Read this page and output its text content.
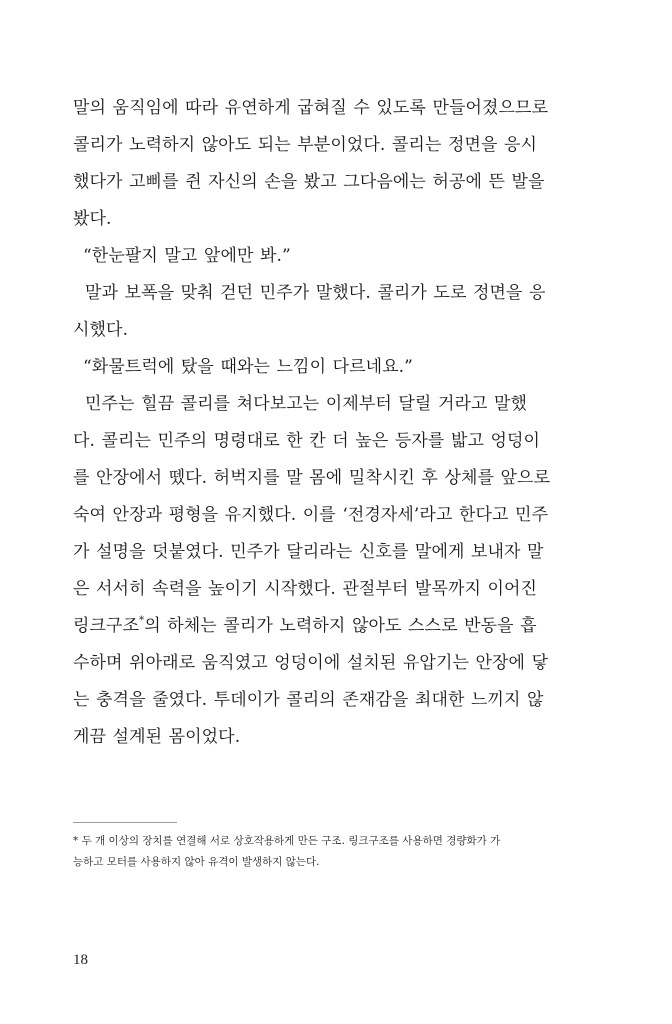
말의 움직임에 따라 유연하게 굽혀질 수 있도록 만들어졌으므로
콜리가 노력하지 않아도 되는 부분이었다. 콜리는 정면을 응시
했다가 고삐를 쥔 자신의 손을 봤고 그다음에는 허공에 뜬 발을
봤다.
“한눈팔지 말고 앞에만 봐.”
말과 보폭을 맞춰 걷던 민주가 말했다. 콜리가 도로 정면을 응
시했다.
“화물트럭에 탔을 때와는 느낌이 다르네요.”
민주는 힐끔 콜리를 쳐다보고는 이제부터 달릴 거라고 말했
다. 콜리는 민주의 명령대로 한 칸 더 높은 등자를 밟고 엉덩이
를 안장에서 뗐다. 허벅지를 말 몸에 밀착시킨 후 상체를 앞으로
숙여 안장과 평형을 유지했다. 이를 ‘전경자세’라고 한다고 민주
가 설명을 덧붙였다. 민주가 달리라는 신호를 말에게 보내자 말
은 서서히 속력을 높이기 시작했다. 관절부터 발목까지 이어진
링크구조*의 하체는 콜리가 노력하지 않아도 스스로 반동을 흡
수하며 위아래로 움직였고 엉덩이에 설치된 유압기는 안장에 닿
는 충격을 줄였다. 투데이가 콜리의 존재감을 최대한 느끼지 않
게끔 설계된 몸이었다.
* 두 개 이상의 장치를 연결해 서로 상호작용하게 만든 구조. 링크구조를 사용하면 경량화가 가
능하고 모터를 사용하지 않아 유격이 발생하지 않는다.
18
